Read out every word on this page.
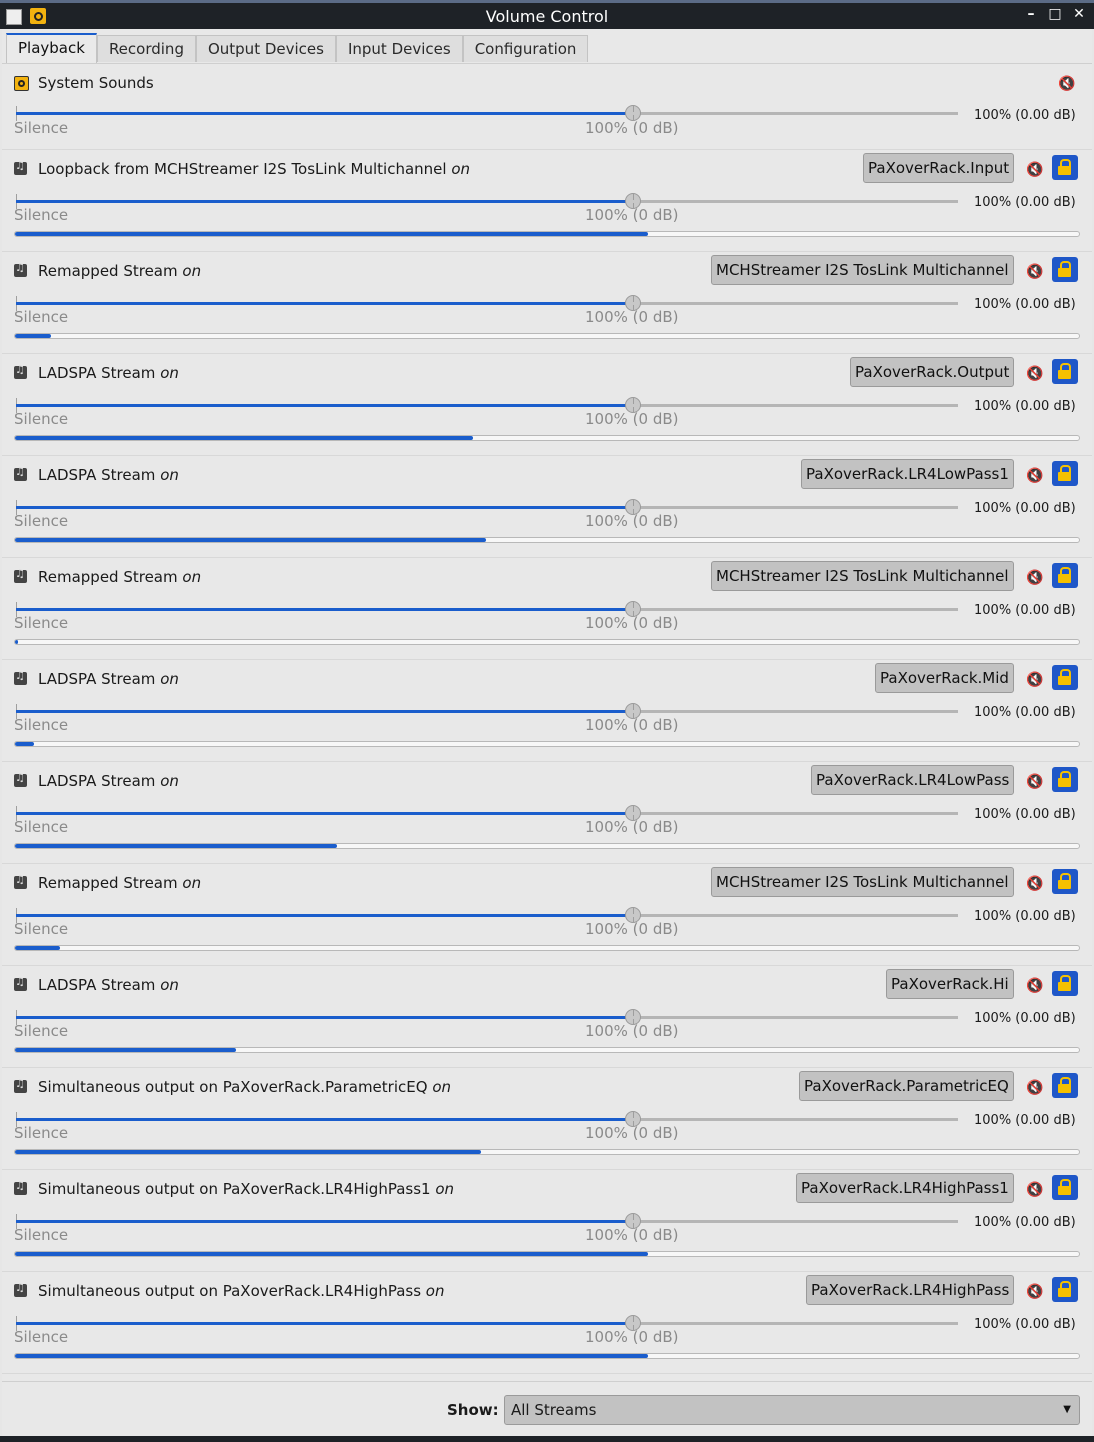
Volume Control	– □ ✕
Playback	Recording	Output Devices	Input Devices	Configuration
System Sounds	🔇
100% (0.00 dB)
Silence	100% (0 dB)
♫
Loopback from MCHStreamer I2S TosLink Multichannel on	PaXoverRack.Input	🔇
100% (0.00 dB)
Silence	100% (0 dB)
♫
Remapped Stream on	MCHStreamer I2S TosLink Multichannel	🔇
100% (0.00 dB)
Silence	100% (0 dB)
♫
LADSPA Stream on	PaXoverRack.Output	🔇
100% (0.00 dB)
Silence	100% (0 dB)
♫
LADSPA Stream on	PaXoverRack.LR4LowPass1	🔇
100% (0.00 dB)
Silence	100% (0 dB)
♫
Remapped Stream on	MCHStreamer I2S TosLink Multichannel	🔇
100% (0.00 dB)
Silence	100% (0 dB)
♫
LADSPA Stream on	PaXoverRack.Mid	🔇
100% (0.00 dB)
Silence	100% (0 dB)
♫
LADSPA Stream on	PaXoverRack.LR4LowPass	🔇
100% (0.00 dB)
Silence	100% (0 dB)
♫
Remapped Stream on	MCHStreamer I2S TosLink Multichannel	🔇
100% (0.00 dB)
Silence	100% (0 dB)
♫
LADSPA Stream on	PaXoverRack.Hi	🔇
100% (0.00 dB)
Silence	100% (0 dB)
♫
Simultaneous output on PaXoverRack.ParametricEQ on	PaXoverRack.ParametricEQ	🔇
100% (0.00 dB)
Silence	100% (0 dB)
♫
Simultaneous output on PaXoverRack.LR4HighPass1 on	PaXoverRack.LR4HighPass1	🔇
100% (0.00 dB)
Silence	100% (0 dB)
♫
Simultaneous output on PaXoverRack.LR4HighPass on	PaXoverRack.LR4HighPass	🔇
100% (0.00 dB)
Silence	100% (0 dB)
Show: All Streams	▼
